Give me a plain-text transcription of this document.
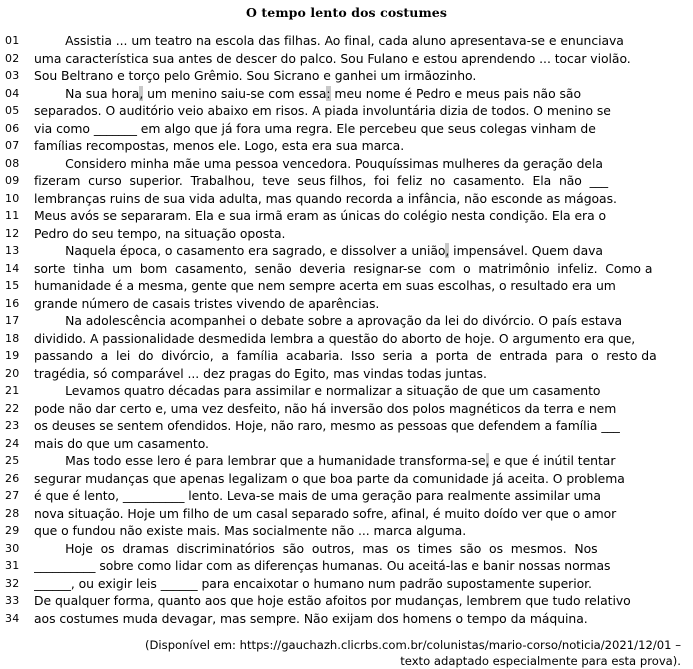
O tempo lento dos costumes
01	Assistia ... um teatro na escola das filhas. Ao final, cada aluno apresentava-se e enunciava
02	uma característica sua antes de descer do palco. Sou Fulano e estou aprendendo ... tocar violão.
03	Sou Beltrano e torço pelo Grêmio. Sou Sicrano e ganhei um irmãozinho.
04	Na sua hora, um menino saiu-se com essa: meu nome é Pedro e meus pais não são
05	separados. O auditório veio abaixo em risos. A piada involuntária dizia de todos. O menino se
06	via como _______ em algo que já fora uma regra. Ele percebeu que seus colegas vinham de
07	famílias recompostas, menos ele. Logo, esta era sua marca.
08	Considero minha mãe uma pessoa vencedora. Pouquíssimas mulheres da geração dela
09	fizeram  curso  superior.  Trabalhou,  teve  seus filhos,  foi  feliz  no  casamento.  Ela  não  ___
10	lembranças ruins de sua vida adulta, mas quando recorda a infância, não esconde as mágoas.
11	Meus avós se separaram. Ela e sua irmã eram as únicas do colégio nesta condição. Ela era o
12	Pedro do seu tempo, na situação oposta.
13	Naquela época, o casamento era sagrado, e dissolver a união, impensável. Quem dava
14	sorte  tinha  um  bom  casamento,  senão  deveria  resignar-se  com  o  matrimônio  infeliz.  Como a
15	humanidade é a mesma, gente que nem sempre acerta em suas escolhas, o resultado era um
16	grande número de casais tristes vivendo de aparências.
17	Na adolescência acompanhei o debate sobre a aprovação da lei do divórcio. O país estava
18	dividido. A passionalidade desmedida lembra a questão do aborto de hoje. O argumento era que,
19	passando  a  lei  do  divórcio,  a  família  acabaria.  Isso  seria  a  porta  de  entrada  para  o  resto da
20	tragédia, só comparável ... dez pragas do Egito, mas vindas todas juntas.
21	Levamos quatro décadas para assimilar e normalizar a situação de que um casamento
22	pode não dar certo e, uma vez desfeito, não há inversão dos polos magnéticos da terra e nem
23	os deuses se sentem ofendidos. Hoje, não raro, mesmo as pessoas que defendem a família ___
24	mais do que um casamento.
25	Mas todo esse lero é para lembrar que a humanidade transforma-se, e que é inútil tentar
26	segurar mudanças que apenas legalizam o que boa parte da comunidade já aceita. O problema
27	é que é lento, __________ lento. Leva-se mais de uma geração para realmente assimilar uma
28	nova situação. Hoje um filho de um casal separado sofre, afinal, é muito doído ver que o amor
29	que o fundou não existe mais. Mas socialmente não ... marca alguma.
30	Hoje  os  dramas  discriminatórios  são  outros,  mas  os  times  são  os  mesmos.  Nos
31	__________ sobre como lidar com as diferenças humanas. Ou aceitá-las e banir nossas normas
32	______, ou exigir leis ______ para encaixotar o humano num padrão supostamente superior.
33	De qualquer forma, quanto aos que hoje estão afoitos por mudanças, lembrem que tudo relativo
34	aos costumes muda devagar, mas sempre. Não exijam dos homens o tempo da máquina.
(Disponível em: https://gauchazh.clicrbs.com.br/colunistas/mario-corso/noticia/2021/12/01 –
texto adaptado especialmente para esta prova).
